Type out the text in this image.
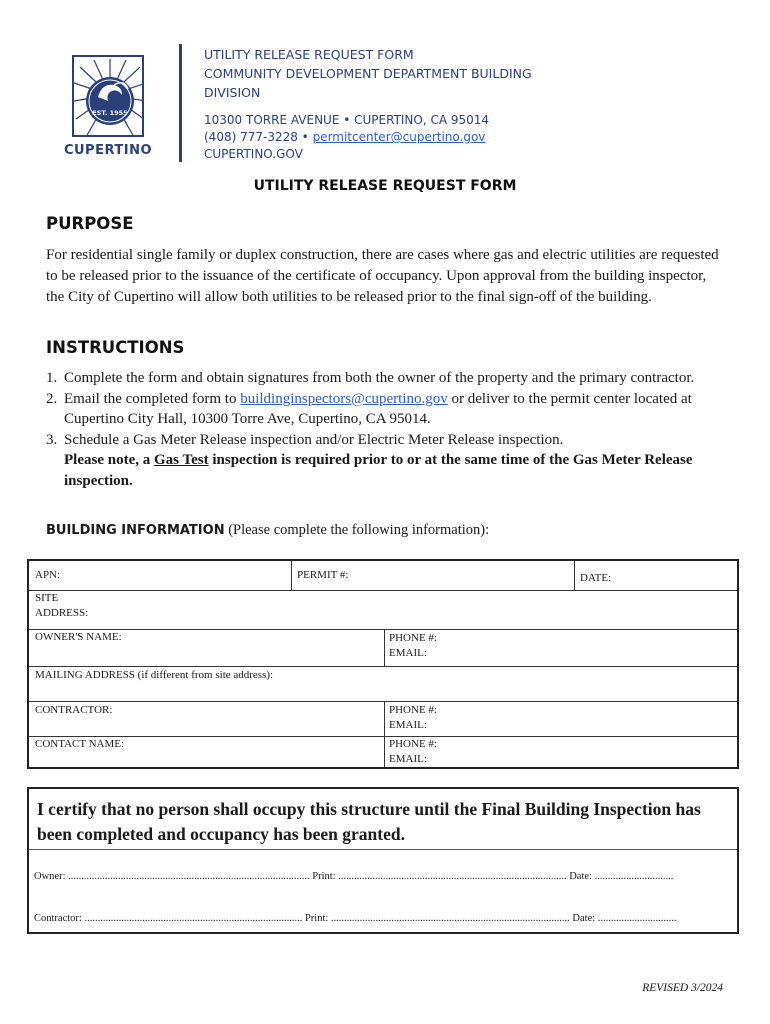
EST. 1955
CUPERTINO
UTILITY RELEASE REQUEST FORM
COMMUNITY DEVELOPMENT DEPARTMENT BUILDING
DIVISION
10300 TORRE AVENUE • CUPERTINO, CA 95014
(408) 777-3228 • permitcenter@cupertino.gov
CUPERTINO.GOV
UTILITY RELEASE REQUEST FORM
PURPOSE
For residential single family or duplex construction, there are cases where gas and electric utilities are requested to be released prior to the issuance of the certificate of occupancy. Upon approval from the building inspector, the City of Cupertino will allow both utilities to be released prior to the final sign-off of the building.
INSTRUCTIONS
1. Complete the form and obtain signatures from both the owner of the property and the primary contractor.
2. Email the completed form to buildinginspectors@cupertino.gov or deliver to the permit center located at Cupertino City Hall, 10300 Torre Ave, Cupertino, CA 95014.
3. Schedule a Gas Meter Release inspection and/or Electric Meter Release inspection.
Please note, a Gas Test inspection is required prior to or at the same time of the Gas Meter Release inspection.
BUILDING INFORMATION (Please complete the following information):
APN:	PERMIT #:	DATE:
SITE
ADDRESS:
OWNER'S NAME:	PHONE #:
EMAIL:
MAILING ADDRESS (if different from site address):
CONTRACTOR:	PHONE #:
EMAIL:
CONTACT NAME:	PHONE #:
EMAIL:
I certify that no person shall occupy this structure until the Final Building Inspection has been completed and occupancy has been granted.
Owner: ............................................................................................ Print: ....................................................................................... Date: ..............................
Contractor: ................................................................................... Print: ........................................................................................... Date: ..............................
REVISED 3/2024
